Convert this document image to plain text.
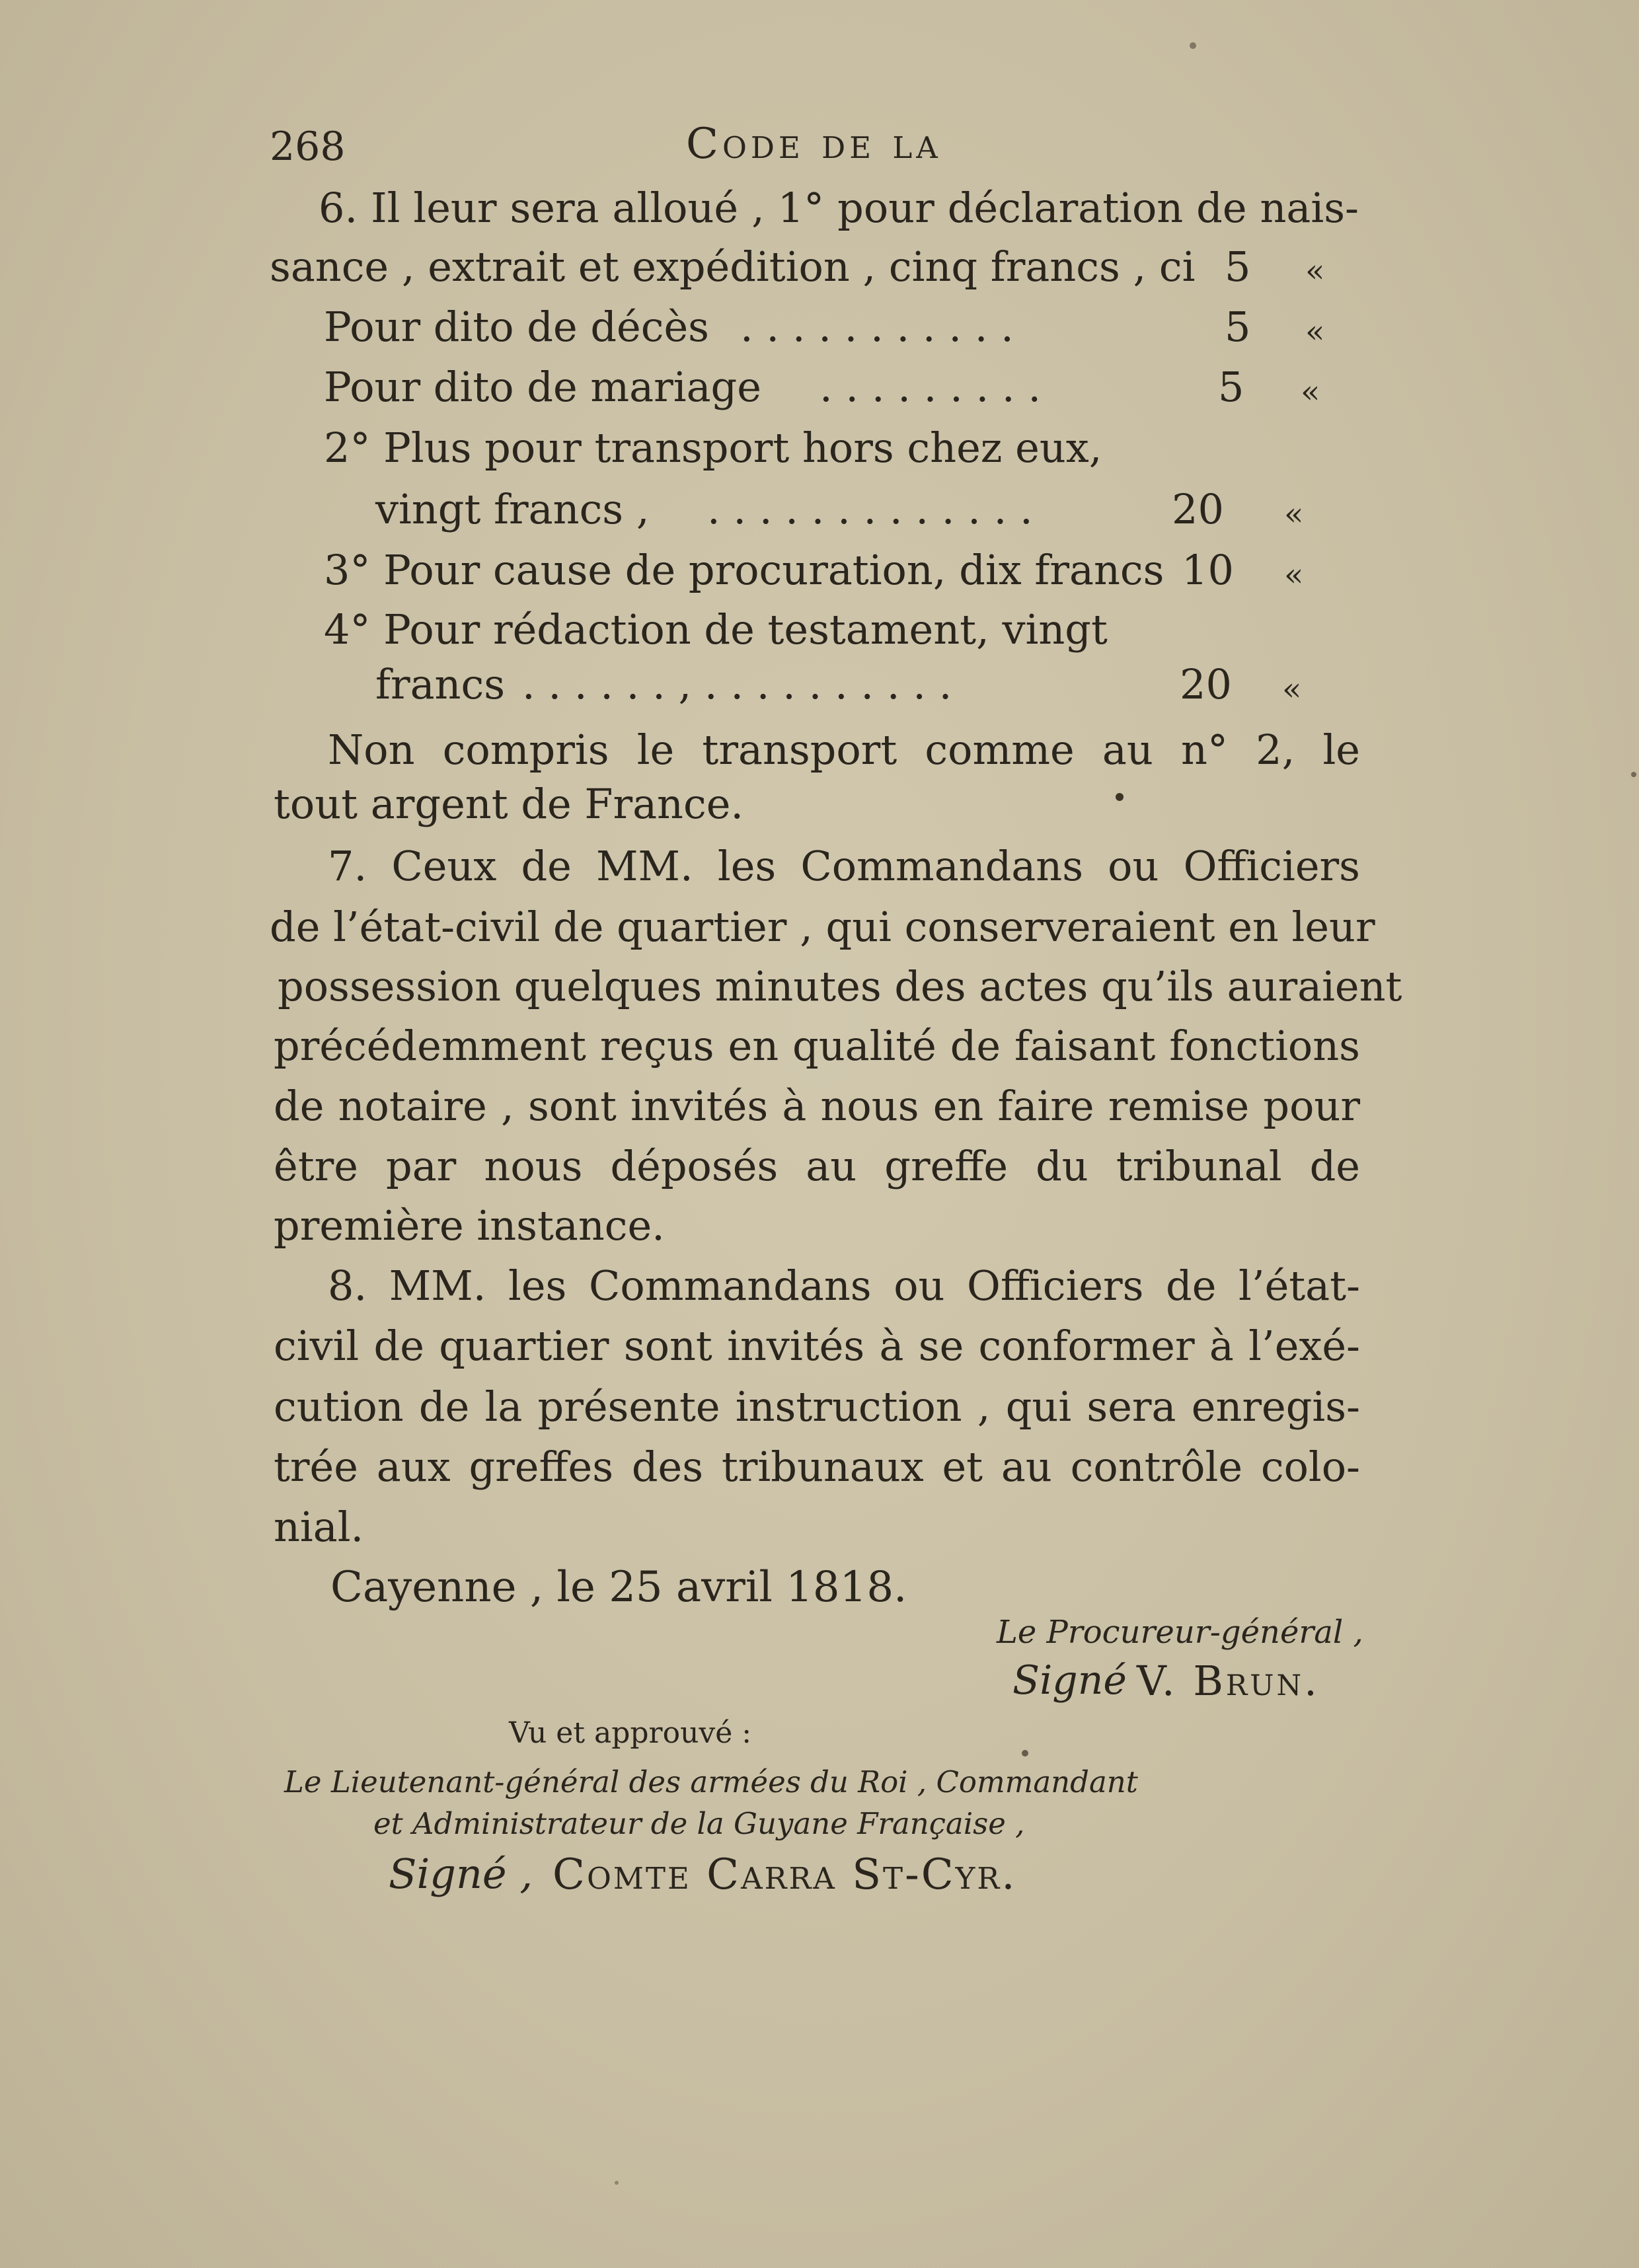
268	Code de la
6. Il leur sera alloué , 1° pour déclaration de nais-
sance , extrait et expédition , cinq francs , ci 5 «
Pour dito de décès . . . . . . . . . . .	5 «
Pour dito de mariage . . . . . . . . .	5 «
2° Plus pour transport hors chez eux,
vingt francs , . . . . . . . . . . . . .	20 «
3° Pour cause de procuration, dix francs 10 «
4° Pour rédaction de testament, vingt
francs . . . . . . , . . . . . . . . . .	20 «
Non compris le transport comme au n° 2, le
tout argent de France.
7. Ceux de MM. les Commandans ou Officiers
de l’état-civil de quartier , qui conserveraient en leur
possession quelques minutes des actes qu’ils auraient
précédemment reçus en qualité de faisant fonctions
de notaire , sont invités à nous en faire remise pour
être par nous déposés au greffe du tribunal de
première instance.
8. MM. les Commandans ou Officiers de l’état-
civil de quartier sont invités à se conformer à l’exé-
cution de la présente instruction , qui sera enregis-
trée aux greffes des tribunaux et au contrôle colo-
nial.
Cayenne , le 25 avril 1818.
Le Procureur-général ,
Signé V. Brun.
Vu et approuvé :
Le Lieutenant-général des armées du Roi , Commandant
et Administrateur de la Guyane Française ,
Signé , Comte Carra St-Cyr.
